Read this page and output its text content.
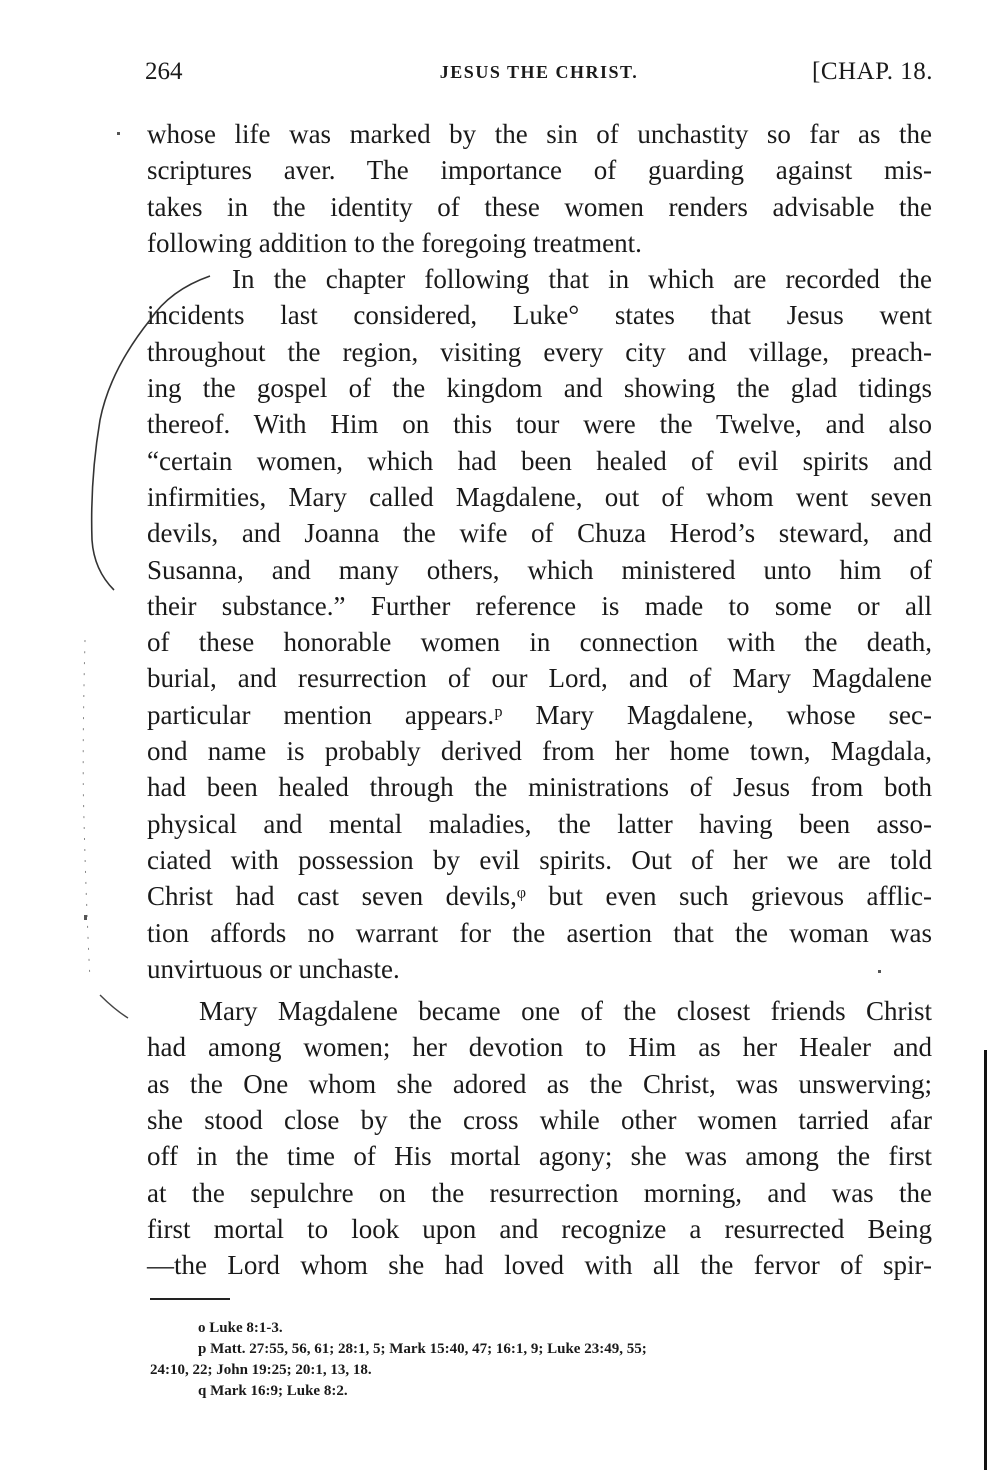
264	JESUS THE CHRIST.	[CHAP. 18.
whose life was marked by the sin of unchastity so far as the
scriptures aver. The importance of guarding against mis-
takes in the identity of these women renders advisable the
following addition to the foregoing treatment.
In the chapter following that in which are recorded the
incidents last considered, Luke° states that Jesus went
throughout the region, visiting every city and village, preach-
ing the gospel of the kingdom and showing the glad tidings
thereof. With Him on this tour were the Twelve, and also
“certain women, which had been healed of evil spirits and
infirmities, Mary called Magdalene, out of whom went seven
devils, and Joanna the wife of Chuza Herod’s steward, and
Susanna, and many others, which ministered unto him of
their substance.” Further reference is made to some or all
of these honorable women in connection with the death,
burial, and resurrection of our Lord, and of Mary Magdalene
particular mention appears.ᵖ Mary Magdalene, whose sec-
ond name is probably derived from her home town, Magdala,
had been healed through the ministrations of Jesus from both
physical and mental maladies, the latter having been asso-
ciated with possession by evil spirits. Out of her we are told
Christ had cast seven devils,ᵠ but even such grievous afflic-
tion affords no warrant for the asertion that the woman was
unvirtuous or unchaste.
Mary Magdalene became one of the closest friends Christ
had among women; her devotion to Him as her Healer and
as the One whom she adored as the Christ, was unswerving;
she stood close by the cross while other women tarried afar
off in the time of His mortal agony; she was among the first
at the sepulchre on the resurrection morning, and was the
first mortal to look upon and recognize a resurrected Being
—the Lord whom she had loved with all the fervor of spir-
o Luke 8:1-3.
p Matt. 27:55, 56, 61; 28:1, 5; Mark 15:40, 47; 16:1, 9; Luke 23:49, 55;
24:10, 22; John 19:25; 20:1, 13, 18.
q Mark 16:9; Luke 8:2.
